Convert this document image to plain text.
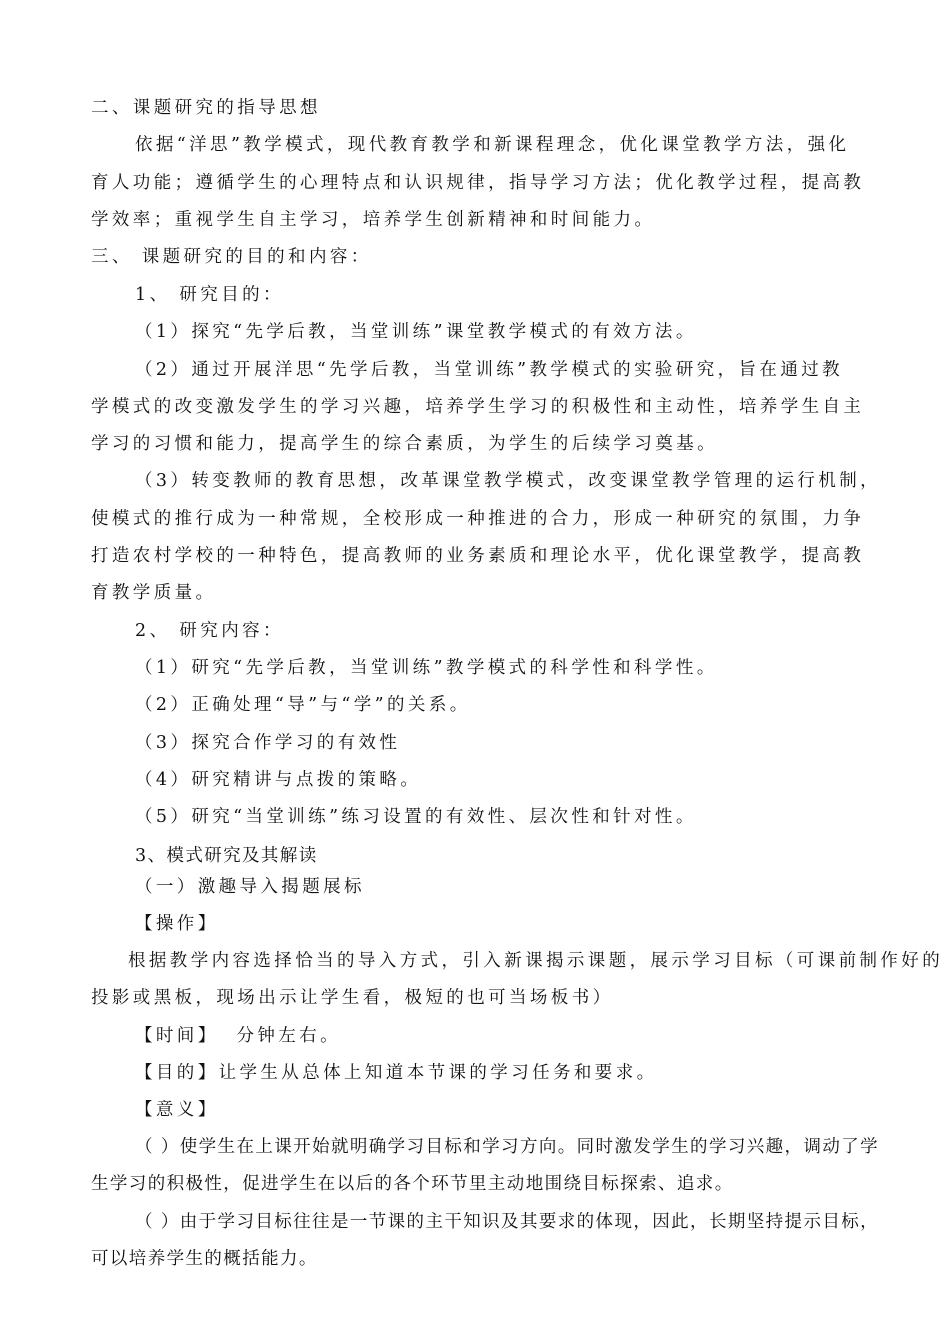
二、课题研究的指导思想
依据“洋思”教学模式，现代教育教学和新课程理念，优化课堂教学方法，强化
育人功能；遵循学生的心理特点和认识规律，指导学习方法；优化教学过程，提高教
学效率；重视学生自主学习，培养学生创新精神和时间能力。
三、 课题研究的目的和内容：
1、 研究目的：
（1）探究“先学后教，当堂训练”课堂教学模式的有效方法。
（2）通过开展洋思“先学后教，当堂训练”教学模式的实验研究，旨在通过教
学模式的改变激发学生的学习兴趣，培养学生学习的积极性和主动性，培养学生自主
学习的习惯和能力，提高学生的综合素质，为学生的后续学习奠基。
（3）转变教师的教育思想，改革课堂教学模式，改变课堂教学管理的运行机制，
使模式的推行成为一种常规，全校形成一种推进的合力，形成一种研究的氛围，力争
打造农村学校的一种特色，提高教师的业务素质和理论水平，优化课堂教学，提高教
育教学质量。
2、 研究内容：
（1）研究“先学后教，当堂训练”教学模式的科学性和科学性。
（2）正确处理“导”与“学”的关系。
（3）探究合作学习的有效性
（4）研究精讲与点拨的策略。
（5）研究“当堂训练”练习设置的有效性、层次性和针对性。
3、模式研究及其解读
（一）激趣导入揭题展标
【操作】
根据教学内容选择恰当的导入方式，引入新课揭示课题，展示学习目标（可课前制作好的
投影或黑板，现场出示让学生看，极短的也可当场板书）
【时间】  分钟左右。
【目的】让学生从总体上知道本节课的学习任务和要求。
【意义】
（ ）使学生在上课开始就明确学习目标和学习方向。同时激发学生的学习兴趣，调动了学
生学习的积极性，促进学生在以后的各个环节里主动地围绕目标探索、追求。
（ ）由于学习目标往往是一节课的主干知识及其要求的体现，因此，长期坚持提示目标，
可以培养学生的概括能力。
